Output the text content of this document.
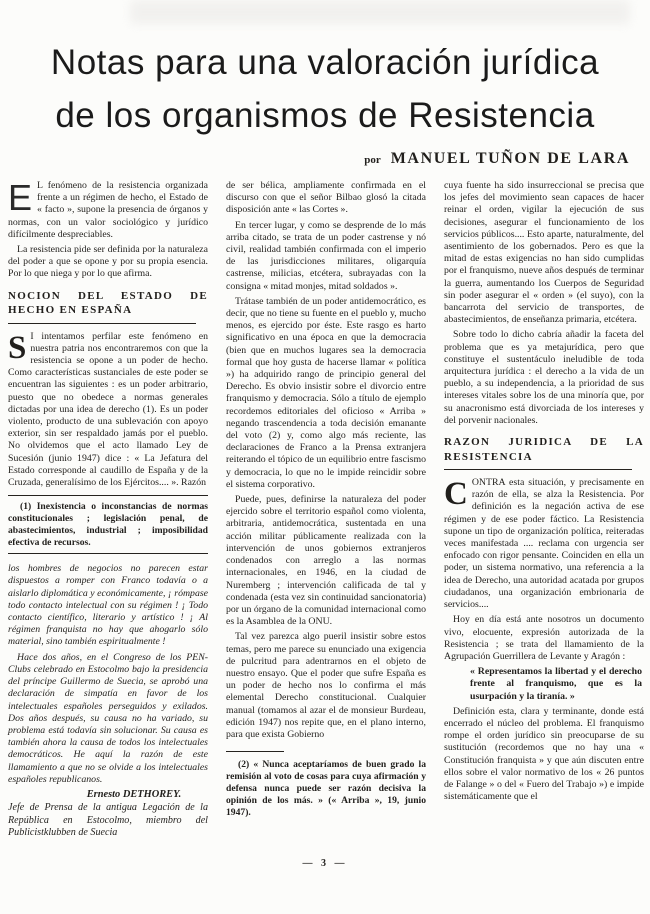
Notas para una valoración jurídica
de los organismos de Resistencia
por MANUEL TUÑON DE LARA

E L fenómeno de la resistencia organizada frente a un régimen de hecho, el Estado de « facto », supone la presencia de órganos y normas, con un valor sociológico y jurídico difícilmente despreciables.

La resistencia pide ser definida por la naturaleza del poder a que se opone y por su propia esencia. Por lo que niega y por lo que afirma.

NOCION DEL ESTADO DE HECHO EN ESPAÑA

S I intentamos perfilar este fenómeno en nuestra patria nos encontraremos con que la resistencia se opone a un poder de hecho. Como características sustanciales de este poder se encuentran las siguientes : es un poder arbitrario, puesto que no obedece a normas generales dictadas por una idea de derecho (1). Es un poder violento, producto de una sublevación con apoyo exterior, sin ser respaldado jamás por el pueblo. No olvidemos que el acto llamado Ley de Sucesión (junio 1947) dice : « La Jefatura del Estado corresponde al caudillo de España y de la Cruzada, generalísimo de los Ejércitos.... ». Razón

(1) Inexistencia o inconstancias de normas constitucionales ; legislación penal, de abastecimientos, industrial ; imposibilidad efectiva de recursos.

los hombres de negocios no parecen estar dispuestos a romper con Franco todavía o a aislarlo diplomática y económicamente, ¡ rómpase todo contacto intelectual con su régimen ! ¡ Todo contacto científico, literario y artístico ! ¡ Al régimen franquista no hay que ahogarlo sólo material, sino también espiritualmente !

Hace dos años, en el Congreso de los PEN-Clubs celebrado en Estocolmo bajo la presidencia del príncipe Guillermo de Suecia, se aprobó una declaración de simpatía en favor de los intelectuales españoles perseguidos y exilados. Dos años después, su causa no ha variado, su problema está todavía sin solucionar. Su causa es también ahora la causa de todos los intelectuales democráticos. He aquí la razón de este llamamiento a que no se olvide a los intelectuales españoles republicanos.

Ernesto DETHOREY.
Jefe de Prensa de la antigua Legación de la República en Estocolmo, miembro del Publicistklubben de Suecia

de ser bélica, ampliamente confirmada en el discurso con que el señor Bilbao glosó la citada disposición ante « las Cortes ».

En tercer lugar, y como se desprende de lo más arriba citado, se trata de un poder castrense y nó civil, realidad también confirmada con el imperio de las jurisdicciones militares, oligarquía castrense, milicias, etcétera, subrayadas con la consigna « mitad monjes, mitad soldados ».

Trátase también de un poder antidemocrático, es decir, que no tiene su fuente en el pueblo y, mucho menos, es ejercido por éste. Este rasgo es harto significativo en una época en que la democracia (bien que en muchos lugares sea la democracia formal que hoy gusta de hacerse llamar « política ») ha adquirido rango de principio general del Derecho. Es obvio insistir sobre el divorcio entre franquismo y democracia. Sólo a título de ejemplo recordemos editoriales del oficioso « Arriba » negando trascendencia a toda decisión emanante del voto (2) y, como algo más reciente, las declaraciones de Franco a la Prensa extranjera reiterando el tópico de un equilibrio entre fascismo y democracia, lo que no le impide reincidir sobre el sistema corporativo.

Puede, pues, definirse la naturaleza del poder ejercido sobre el territorio español como violenta, arbitraria, antidemocrática, sustentada en una acción militar públicamente realizada con la intervención de unos gobiernos extranjeros condenados con arreglo a las normas internacionales, en 1946, en la ciudad de Nuremberg ; intervención calificada de tal y condenada (esta vez sin continuidad sancionatoria) por un órgano de la comunidad internacional como es la Asamblea de la ONU.

Tal vez parezca algo pueril insistir sobre estos temas, pero me parece su enunciado una exigencia de pulcritud para adentrarnos en el objeto de nuestro ensayo. Que el poder que sufre España es un poder de hecho nos lo confirma el más elemental Derecho constitucional. Cualquier manual (tomamos al azar el de monsieur Burdeau, edición 1947) nos repite que, en el plano interno, para que exista Gobierno

(2) « Nunca aceptaríamos de buen grado la remisión al voto de cosas para cuya afirmación y defensa nunca puede ser razón decisiva la opinión de los más. » (« Arriba », 19, junio 1947).

cuya fuente ha sido insurreccional se precisa que los jefes del movimiento sean capaces de hacer reinar el orden, vigilar la ejecución de sus decisiones, asegurar el funcionamiento de los servicios públicos.... Esto aparte, naturalmente, del asentimiento de los gobernados. Pero es que la mitad de estas exigencias no han sido cumplidas por el franquismo, nueve años después de terminar la guerra, aumentando los Cuerpos de Seguridad sin poder asegurar el « orden » (el suyo), con la bancarrota del servicio de transportes, de abastecimientos, de enseñanza primaria, etcétera.

Sobre todo lo dicho cabría añadir la faceta del problema que es ya metajurídica, pero que constituye el sustentáculo ineludible de toda arquitectura jurídica : el derecho a la vida de un pueblo, a su independencia, a la prioridad de sus intereses vitales sobre los de una minoría que, por su anacronismo está divorciada de los intereses y del porvenir nacionales.

RAZON JURIDICA DE LA RESISTENCIA

C ONTRA esta situación, y precisamente en razón de ella, se alza la Resistencia. Por definición es la negación activa de ese régimen y de ese poder fáctico. La Resistencia supone un tipo de organización política, reiteradas veces manifestada .... reclama con urgencia ser enfocado con rigor pensante. Coinciden en ella un poder, un sistema normativo, una referencia a la idea de Derecho, una autoridad acatada por grupos ciudadanos, una organización embrionaria de servicios....

Hoy en día está ante nosotros un documento vivo, elocuente, expresión autorizada de la Resistencia ; se trata del llamamiento de la Agrupación Guerrillera de Levante y Aragón :

« Representamos la libertad y el derecho frente al franquismo, que es la usurpación y la tiranía. »

Definición esta, clara y terminante, donde está encerrado el núcleo del problema. El franquismo rompe el orden jurídico sin preocuparse de su sustitución (recordemos que no hay una « Constitución franquista » y que aún discuten entre ellos sobre el valor normativo de los « 26 puntos de Falange » o del « Fuero del Trabajo ») e impide sistemáticamente que el

— 3 —
